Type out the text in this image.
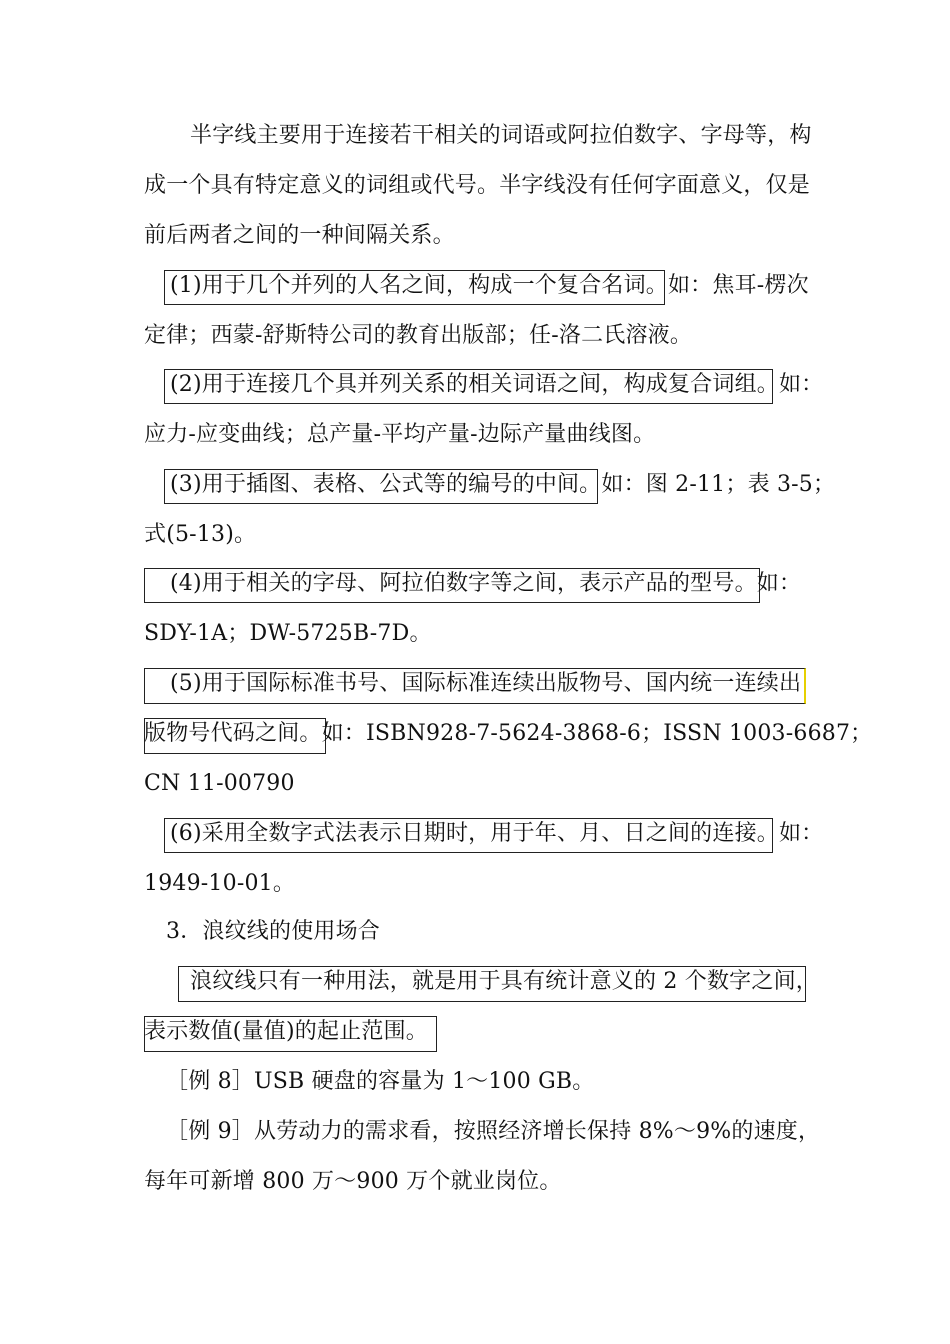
半字线主要用于连接若干相关的词语或阿拉伯数字、字母等，构
成一个具有特定意义的词组或代号。半字线没有任何字面意义，仅是
前后两者之间的一种间隔关系。
(1)用于几个并列的人名之间，构成一个复合名词。如：焦耳-楞次
定律；西蒙-舒斯特公司的教育出版部；任-洛二氏溶液。
(2)用于连接几个具并列关系的相关词语之间，构成复合词组。如：
应力-应变曲线；总产量-平均产量-边际产量曲线图。
(3)用于插图、表格、公式等的编号的中间。如：图 2-11；表 3-5；
式(5-13)。
(4)用于相关的字母、阿拉伯数字等之间，表示产品的型号。如：
SDY-1A；DW-5725B-7D。
(5)用于国际标准书号、国际标准连续出版物号、国内统一连续出
版物号代码之间。如：ISBN928-7-5624-3868-6；ISSN 1003-6687；
CN 11-00790
(6)采用全数字式法表示日期时，用于年、月、日之间的连接。如：
1949-10-01。
3．浪纹线的使用场合
浪纹线只有一种用法，就是用于具有统计意义的 2 个数字之间，
表示数值(量值)的起止范围。
［例 8］USB 硬盘的容量为 1～100 GB。
［例 9］从劳动力的需求看，按照经济增长保持 8%～9%的速度，
每年可新增 800 万～900 万个就业岗位。
